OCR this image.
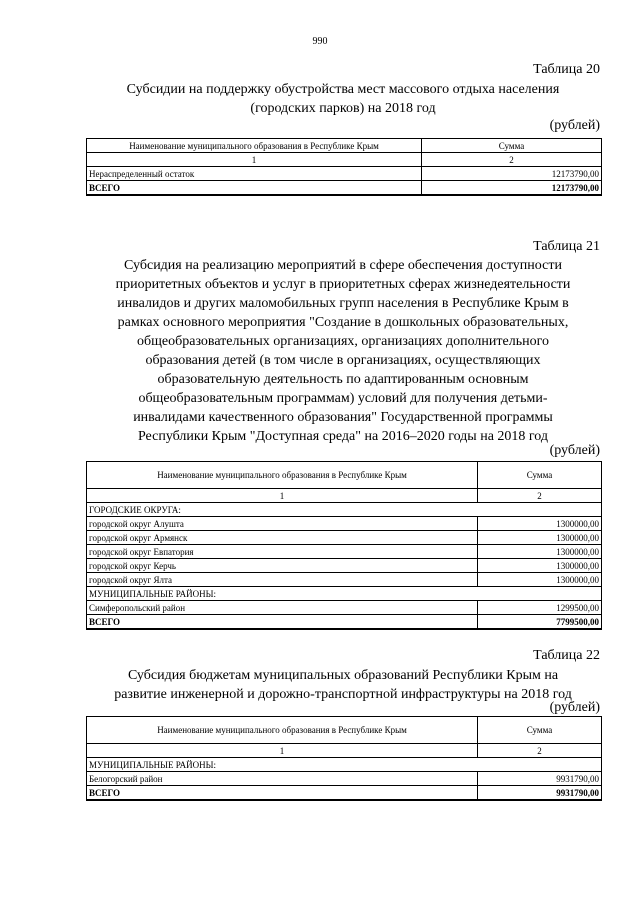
990
Таблица 20
Субсидии на поддержку обустройства мест массового отдыха населения
(городских парков) на 2018 год
(рублей)
Наименование муниципального образования в Республике Крым	Сумма
1	2
Нераспределенный остаток	12173790,00
ВСЕГО	12173790,00
Таблица 21
Субсидия на реализацию мероприятий в сфере обеспечения доступности
приоритетных объектов и услуг в приоритетных сферах жизнедеятельности
инвалидов и других маломобильных групп населения в Республике Крым в
рамках основного мероприятия "Создание в дошкольных образовательных,
общеобразовательных организациях, организациях дополнительного
образования детей (в том числе в организациях, осуществляющих
образовательную деятельность по адаптированным основным
общеобразовательным программам) условий для получения детьми-
инвалидами качественного образования" Государственной программы
Республики Крым "Доступная среда" на 2016–2020 годы на 2018 год
(рублей)
Наименование муниципального образования в Республике Крым	Сумма
1	2
ГОРОДСКИЕ ОКРУГА:	
городской округ Алушта	1300000,00
городской округ Армянск	1300000,00
городской округ Евпатория	1300000,00
городской округ Керчь	1300000,00
городской округ Ялта	1300000,00
МУНИЦИПАЛЬНЫЕ РАЙОНЫ:	
Симферопольский район	1299500,00
ВСЕГО	7799500,00
Таблица 22
Субсидия бюджетам муниципальных образований Республики Крым на
развитие инженерной и дорожно-транспортной инфраструктуры на 2018 год
(рублей)
Наименование муниципального образования в Республике Крым	Сумма
1	2
МУНИЦИПАЛЬНЫЕ РАЙОНЫ:	
Белогорский район	9931790,00
ВСЕГО	9931790,00
